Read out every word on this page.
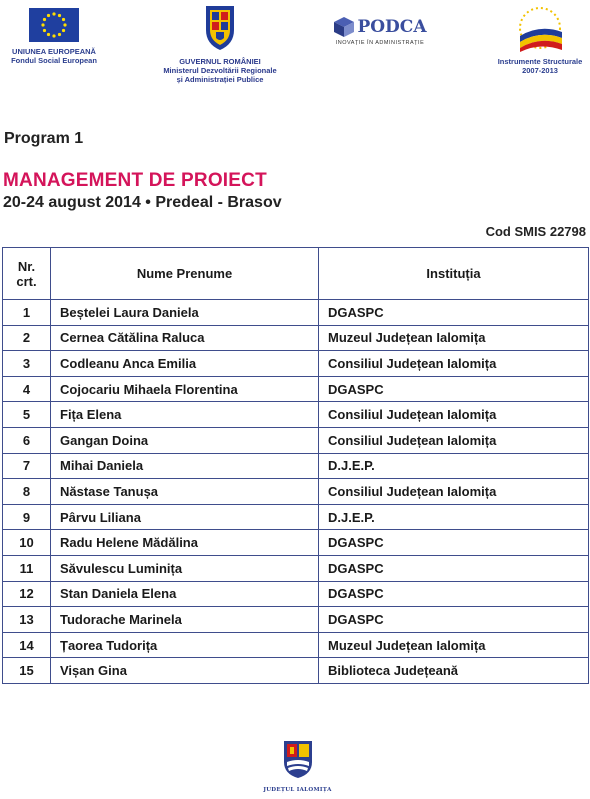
UNIUNEA EUROPEANĂ
Fondul Social European	GUVERNUL ROMÂNIEI
Ministerul Dezvoltării Regionale
și Administrației Publice
PODCA
INOVAȚIE ÎN ADMINISTRAȚIE
Instrumente Structurale
2007-2013
Program 1
MANAGEMENT DE PROIECT
20-24 august 2014 • Predeal - Brasov
Cod SMIS 22798
Nr.
crt.	Nume Prenume	Instituția
1	Beștelei Laura Daniela	DGASPC
2	Cernea Cătălina Raluca	Muzeul Județean Ialomița
3	Codleanu Anca Emilia	Consiliul Județean Ialomița
4	Cojocariu Mihaela Florentina	DGASPC
5	Fița Elena	Consiliul Județean Ialomița
6	Gangan Doina	Consiliul Județean Ialomița
7	Mihai Daniela	D.J.E.P.
8	Năstase Tanușa	Consiliul Județean Ialomița
9	Pârvu Liliana	D.J.E.P.
10	Radu Helene Mădălina	DGASPC
11	Săvulescu Luminița	DGASPC
12	Stan Daniela Elena	DGASPC
13	Tudorache Marinela	DGASPC
14	Țaorea Tudorița	Muzeul Județean Ialomița
15	Vișan Gina	Biblioteca Județeană
JUDEȚUL IALOMIȚA
